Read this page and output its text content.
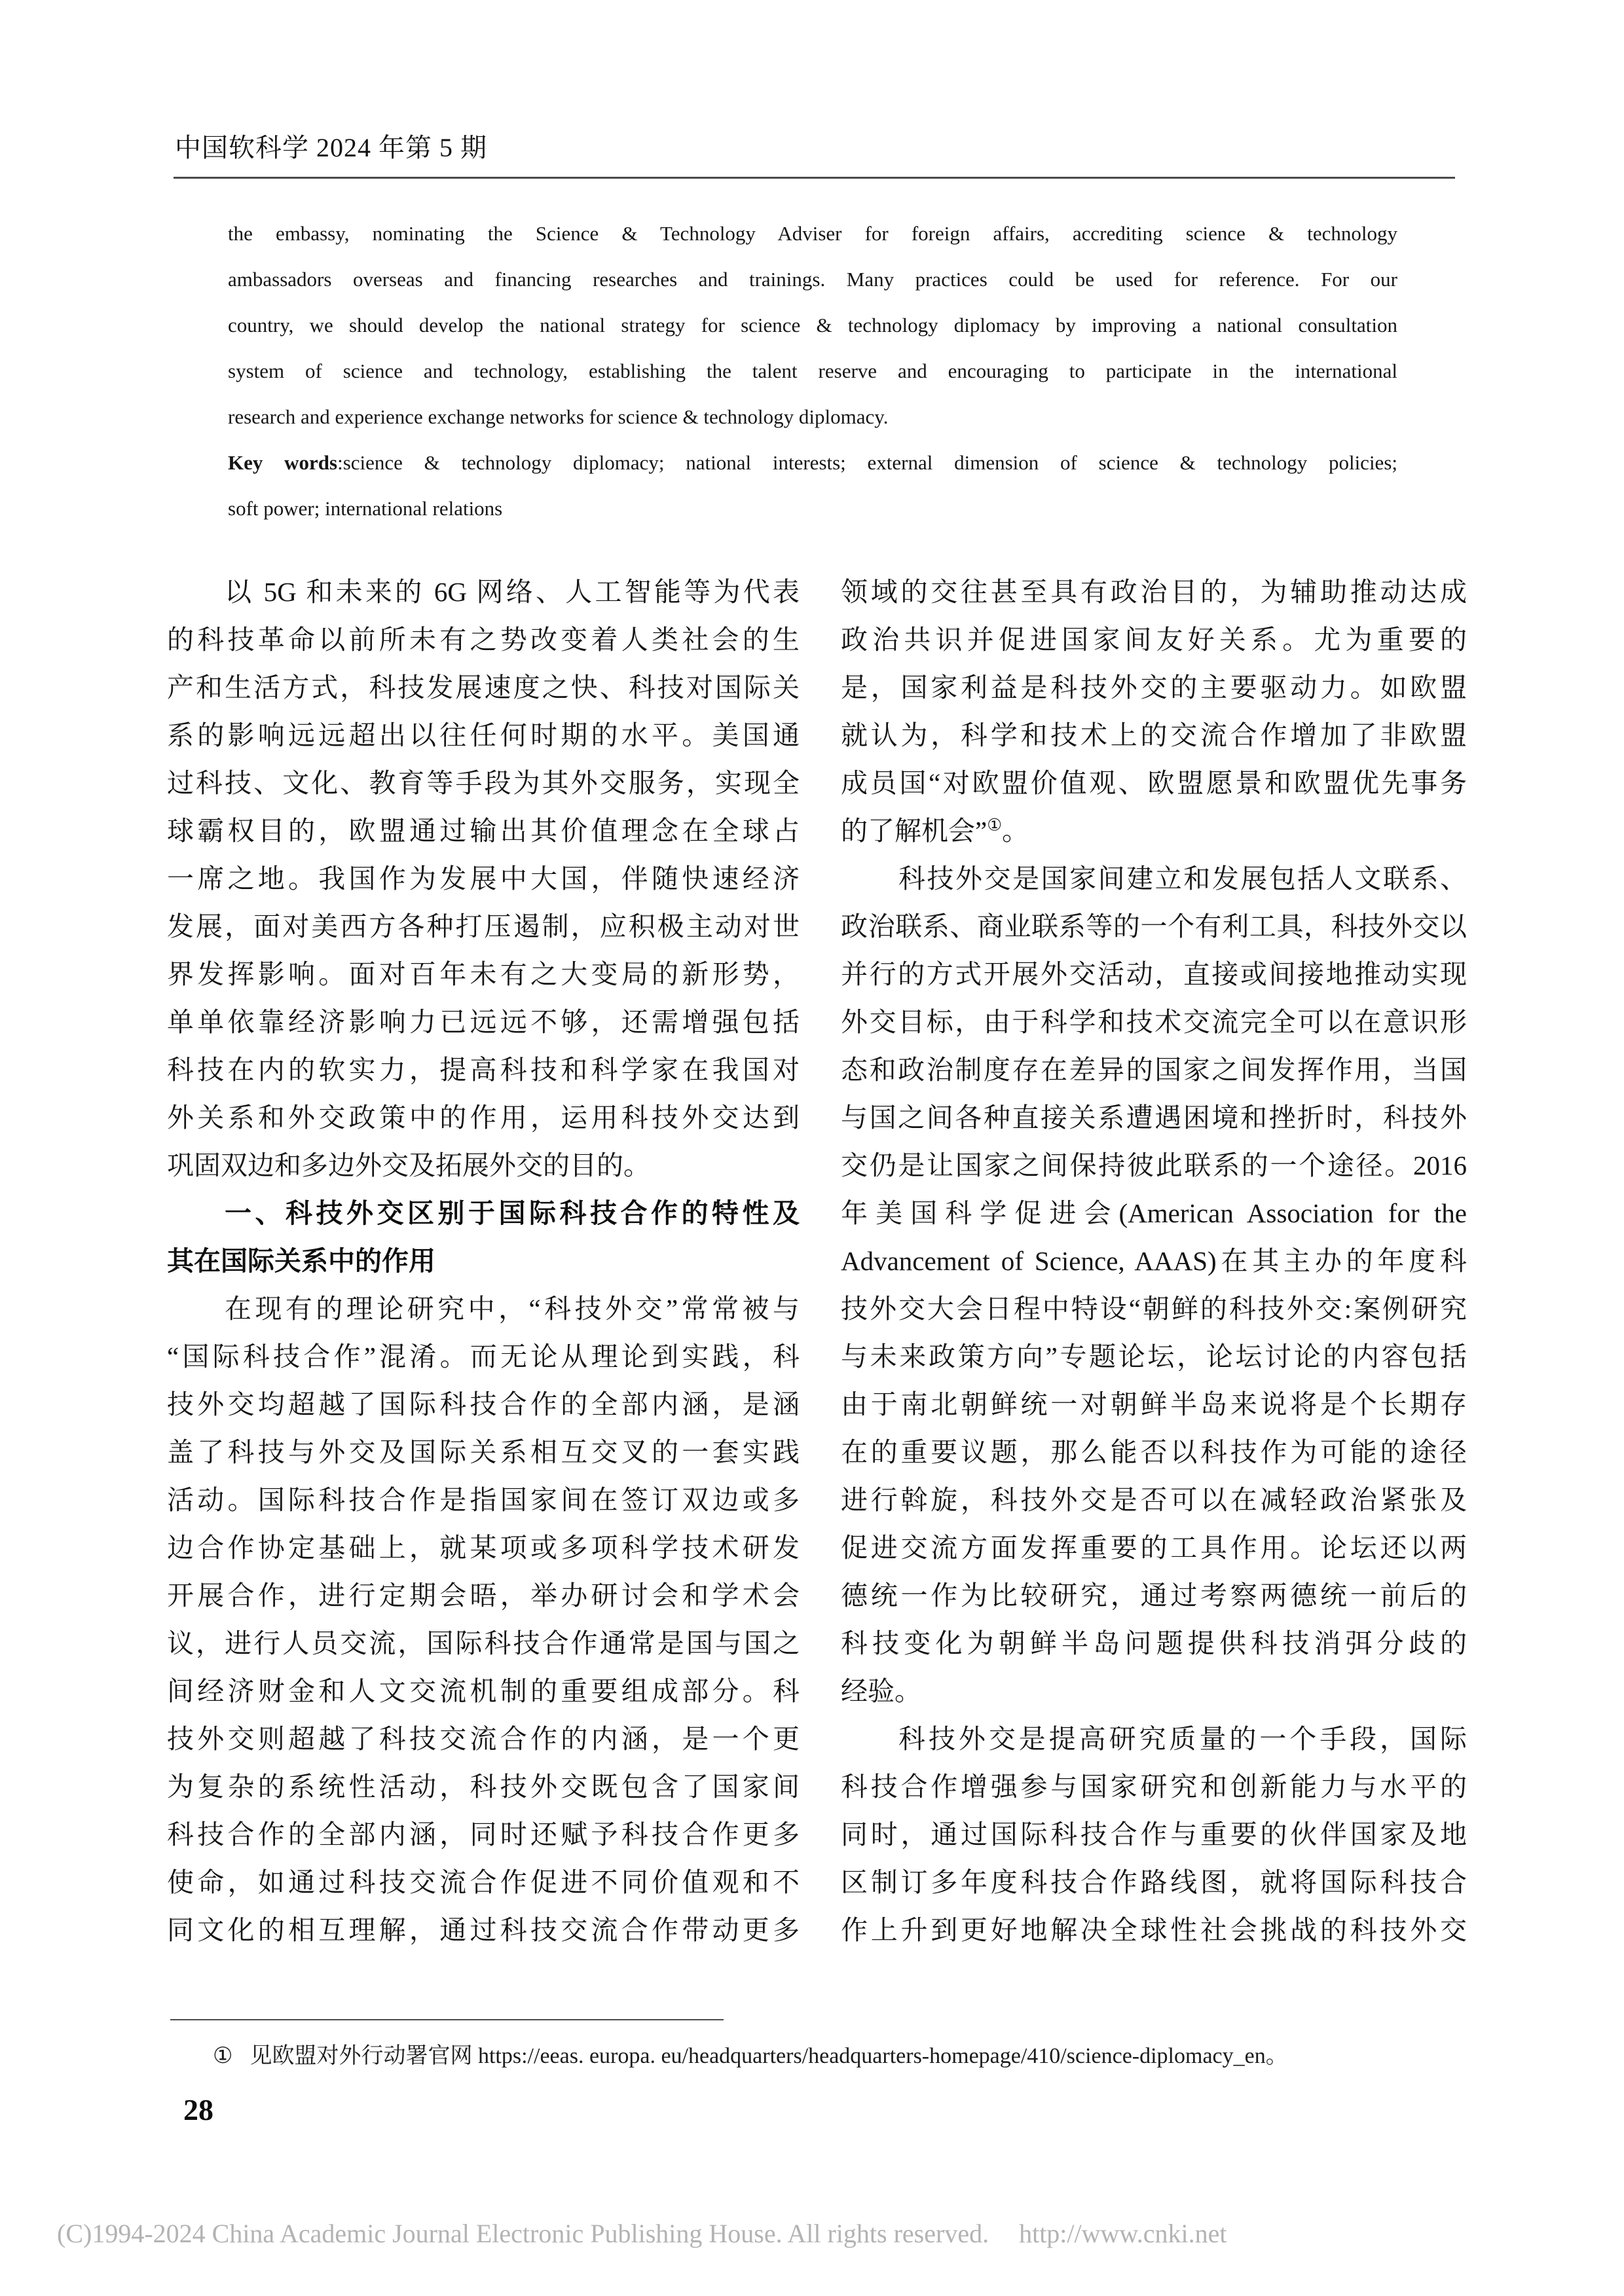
中国软科学 2024 年第 5 期
the embassy, nominating the Science & Technology Adviser for foreign affairs, accrediting science & technology
ambassadors overseas and financing researches and trainings. Many practices could be used for reference. For our
country, we should develop the national strategy for science & technology diplomacy by improving a national consultation
system of science and technology, establishing the talent reserve and encouraging to participate in the international
research and experience exchange networks for science & technology diplomacy.
Key words:science & technology diplomacy; national interests; external dimension of science & technology policies;
soft power; international relations
以 5G 和未来的 6G 网络、人工智能等为代表
的科技革命以前所未有之势改变着人类社会的生
产和生活方式，科技发展速度之快、科技对国际关
系的影响远远超出以往任何时期的水平。美国通
过科技、文化、教育等手段为其外交服务，实现全
球霸权目的，欧盟通过输出其价值理念在全球占
一席之地。我国作为发展中大国，伴随快速经济
发展，面对美西方各种打压遏制，应积极主动对世
界发挥影响。面对百年未有之大变局的新形势，
单单依靠经济影响力已远远不够，还需增强包括
科技在内的软实力，提高科技和科学家在我国对
外关系和外交政策中的作用，运用科技外交达到
巩固双边和多边外交及拓展外交的目的。
一、科技外交区别于国际科技合作的特性及
其在国际关系中的作用
在现有的理论研究中，“科技外交”常常被与
“国际科技合作”混淆。而无论从理论到实践，科
技外交均超越了国际科技合作的全部内涵，是涵
盖了科技与外交及国际关系相互交叉的一套实践
活动。国际科技合作是指国家间在签订双边或多
边合作协定基础上，就某项或多项科学技术研发
开展合作，进行定期会晤，举办研讨会和学术会
议，进行人员交流，国际科技合作通常是国与国之
间经济财金和人文交流机制的重要组成部分。科
技外交则超越了科技交流合作的内涵，是一个更
为复杂的系统性活动，科技外交既包含了国家间
科技合作的全部内涵，同时还赋予科技合作更多
使命，如通过科技交流合作促进不同价值观和不
同文化的相互理解，通过科技交流合作带动更多
领域的交往甚至具有政治目的，为辅助推动达成
政治共识并促进国家间友好关系。尤为重要的
是，国家利益是科技外交的主要驱动力。如欧盟
就认为，科学和技术上的交流合作增加了非欧盟
成员国“对欧盟价值观、欧盟愿景和欧盟优先事务
的了解机会”①。
科技外交是国家间建立和发展包括人文联系、
政治联系、商业联系等的一个有利工具，科技外交以
并行的方式开展外交活动，直接或间接地推动实现
外交目标，由于科学和技术交流完全可以在意识形
态和政治制度存在差异的国家之间发挥作用，当国
与国之间各种直接关系遭遇困境和挫折时，科技外
交仍是让国家之间保持彼此联系的一个途径。2016
年美国科学促进会(American Association for the
Advancement of Science, AAAS)在其主办的年度科
技外交大会日程中特设“朝鲜的科技外交:案例研究
与未来政策方向”专题论坛，论坛讨论的内容包括
由于南北朝鲜统一对朝鲜半岛来说将是个长期存
在的重要议题，那么能否以科技作为可能的途径
进行斡旋，科技外交是否可以在减轻政治紧张及
促进交流方面发挥重要的工具作用。论坛还以两
德统一作为比较研究，通过考察两德统一前后的
科技变化为朝鲜半岛问题提供科技消弭分歧的
经验。
科技外交是提高研究质量的一个手段，国际
科技合作增强参与国家研究和创新能力与水平的
同时，通过国际科技合作与重要的伙伴国家及地
区制订多年度科技合作路线图，就将国际科技合
作上升到更好地解决全球性社会挑战的科技外交
① 见欧盟对外行动署官网 https://eeas. europa. eu/headquarters/headquarters-homepage/410/science-diplomacy_en。
28
(C)1994-2024 China Academic Journal Electronic Publishing House. All rights reserved. http://www.cnki.net
